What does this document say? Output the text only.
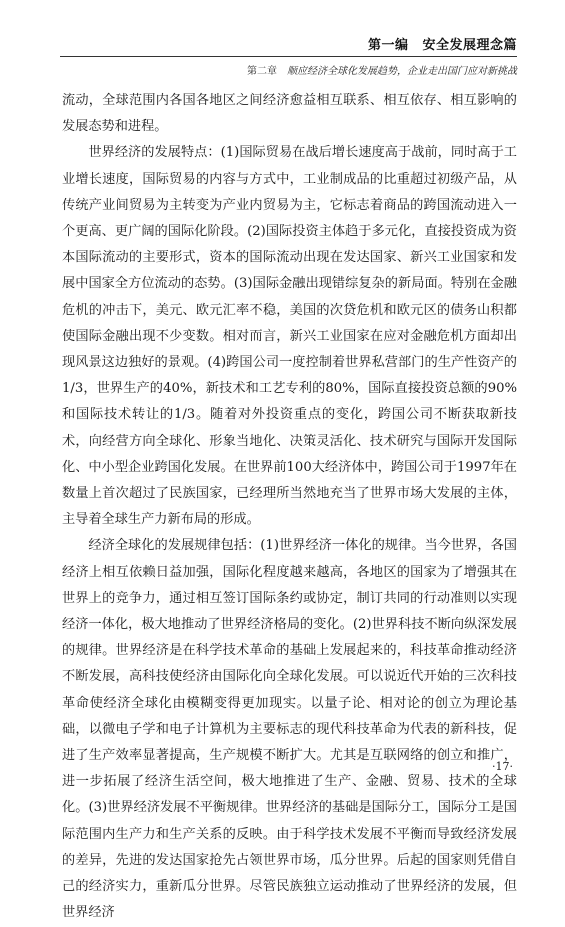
第一编 安全发展理念篇
第二章 顺应经济全球化发展趋势，企业走出国门应对新挑战

流动，全球范围内各国各地区之间经济愈益相互联系、相互依存、相互影响的发展态势和进程。

世界经济的发展特点：(1)国际贸易在战后增长速度高于战前，同时高于工业增长速度，国际贸易的内容与方式中，工业制成品的比重超过初级产品，从传统产业间贸易为主转变为产业内贸易为主，它标志着商品的跨国流动进入一个更高、更广阔的国际化阶段。(2)国际投资主体趋于多元化，直接投资成为资本国际流动的主要形式，资本的国际流动出现在发达国家、新兴工业国家和发展中国家全方位流动的态势。(3)国际金融出现错综复杂的新局面。特别在金融危机的冲击下，美元、欧元汇率不稳，美国的次贷危机和欧元区的债务山积都使国际金融出现不少变数。相对而言，新兴工业国家在应对金融危机方面却出现风景这边独好的景观。(4)跨国公司一度控制着世界私营部门的生产性资产的1/3，世界生产的40%，新技术和工艺专利的80%，国际直接投资总额的90%和国际技术转让的1/3。随着对外投资重点的变化，跨国公司不断获取新技术，向经营方向全球化、形象当地化、决策灵活化、技术研究与国际开发国际化、中小型企业跨国化发展。在世界前100大经济体中，跨国公司于1997年在数量上首次超过了民族国家，已经理所当然地充当了世界市场大发展的主体，主导着全球生产力新布局的形成。

经济全球化的发展规律包括：(1)世界经济一体化的规律。当今世界，各国经济上相互依赖日益加强，国际化程度越来越高，各地区的国家为了增强其在世界上的竞争力，通过相互签订国际条约或协定，制订共同的行动准则以实现经济一体化，极大地推动了世界经济格局的变化。(2)世界科技不断向纵深发展的规律。世界经济是在科学技术革命的基础上发展起来的，科技革命推动经济不断发展，高科技使经济由国际化向全球化发展。可以说近代开始的三次科技革命使经济全球化由模糊变得更加现实。以量子论、相对论的创立为理论基础，以微电子学和电子计算机为主要标志的现代科技革命为代表的新科技，促进了生产效率显著提高，生产规模不断扩大。尤其是互联网络的创立和推广，进一步拓展了经济生活空间，极大地推进了生产、金融、贸易、技术的全球化。(3)世界经济发展不平衡规律。世界经济的基础是国际分工，国际分工是国际范围内生产力和生产关系的反映。由于科学技术发展不平衡而导致经济发展的差异，先进的发达国家抢先占领世界市场，瓜分世界。后起的国家则凭借自己的经济实力，重新瓜分世界。尽管民族独立运动推动了世界经济的发展，但世界经济

·17·
